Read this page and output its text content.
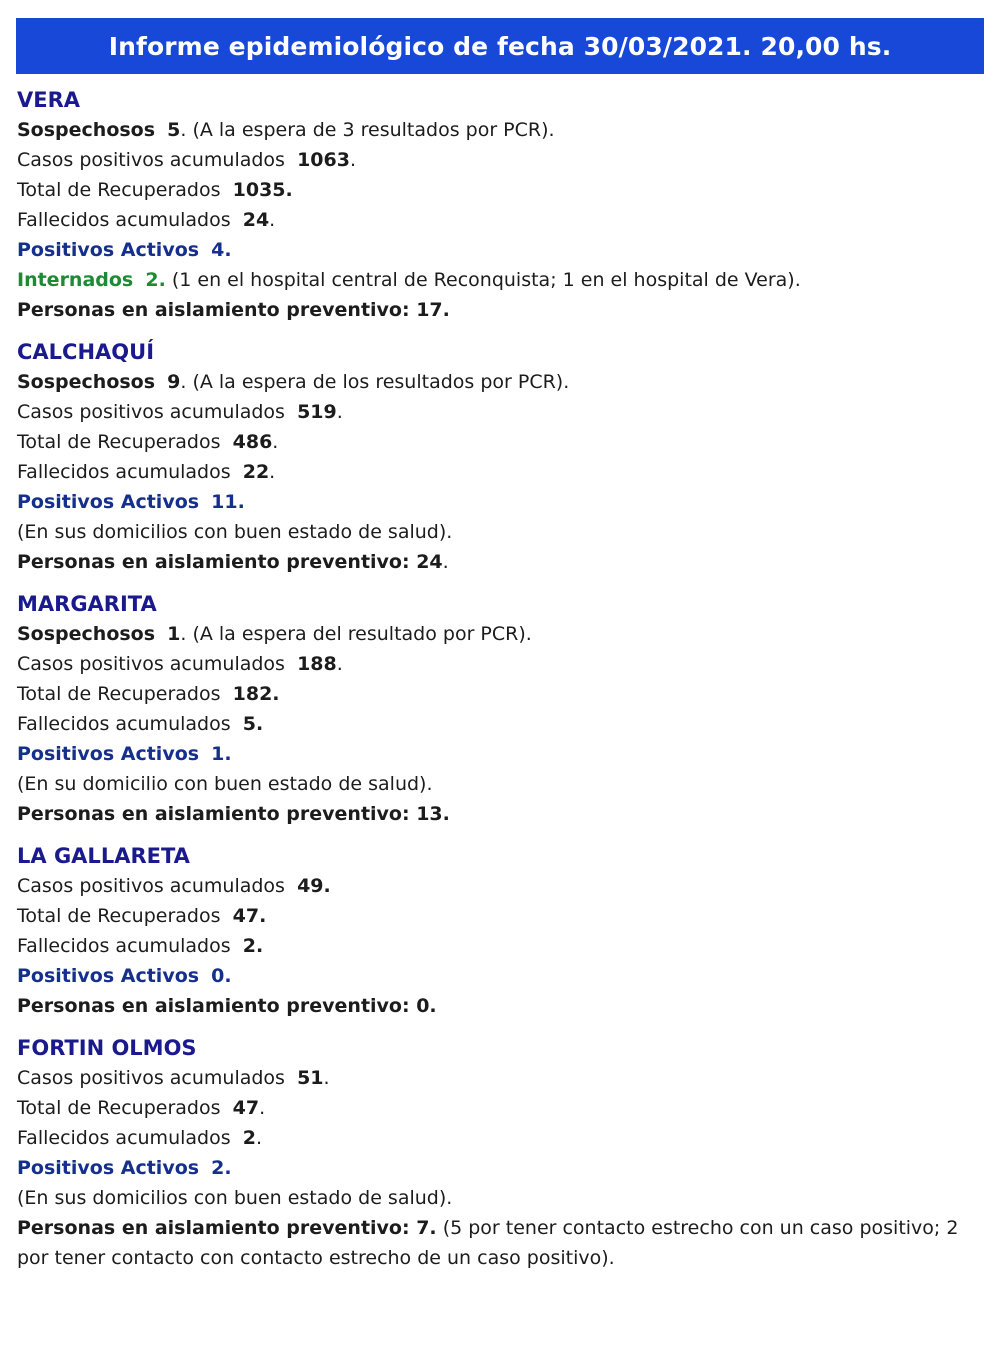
Informe epidemiológico de fecha 30/03/2021. 20,00 hs.
VERA
Sospechosos 5. (A la espera de 3 resultados por PCR).
Casos positivos acumulados 1063.
Total de Recuperados 1035.
Fallecidos acumulados 24.
Positivos Activos 4.
Internados 2. (1 en el hospital central de Reconquista; 1 en el hospital de Vera).
Personas en aislamiento preventivo: 17.
CALCHAQUÍ
Sospechosos 9. (A la espera de los resultados por PCR).
Casos positivos acumulados 519.
Total de Recuperados 486.
Fallecidos acumulados 22.
Positivos Activos 11.
(En sus domicilios con buen estado de salud).
Personas en aislamiento preventivo: 24.
MARGARITA
Sospechosos 1. (A la espera del resultado por PCR).
Casos positivos acumulados 188.
Total de Recuperados 182.
Fallecidos acumulados 5.
Positivos Activos 1.
(En su domicilio con buen estado de salud).
Personas en aislamiento preventivo: 13.
LA GALLARETA
Casos positivos acumulados 49.
Total de Recuperados 47.
Fallecidos acumulados 2.
Positivos Activos 0.
Personas en aislamiento preventivo: 0.
FORTIN OLMOS
Casos positivos acumulados 51.
Total de Recuperados 47.
Fallecidos acumulados 2.
Positivos Activos 2.
(En sus domicilios con buen estado de salud).
Personas en aislamiento preventivo: 7. (5 por tener contacto estrecho con un caso positivo; 2 por tener contacto con contacto estrecho de un caso positivo).
